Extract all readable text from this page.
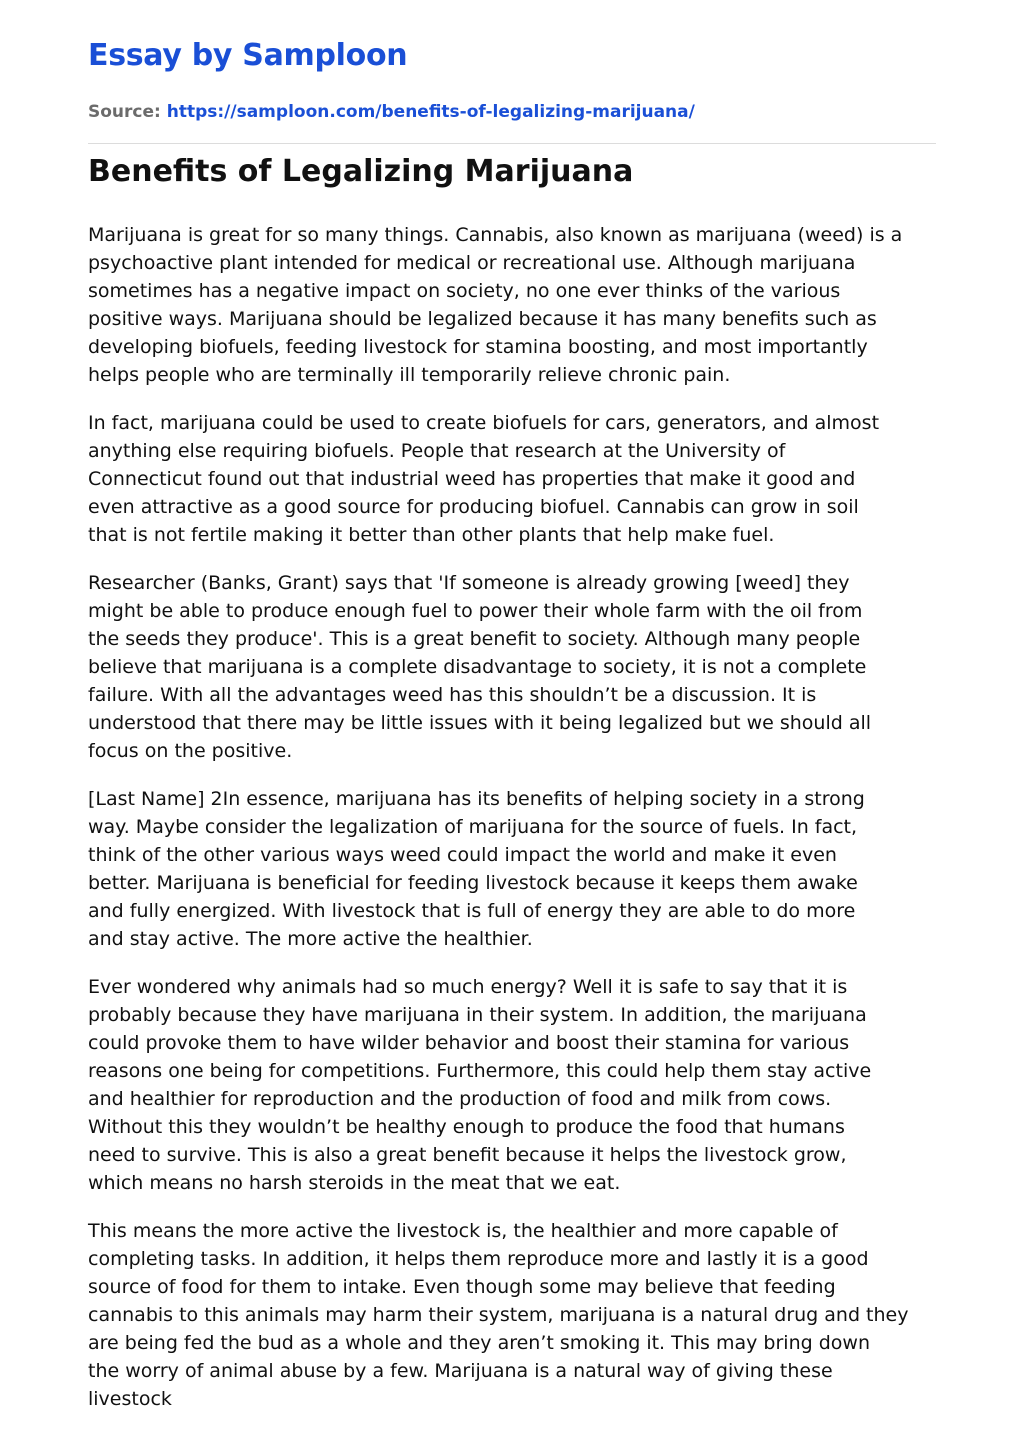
Essay by Samploon
Source: https://samploon.com/benefits-of-legalizing-marijuana/
Benefits of Legalizing Marijuana

Marijuana is great for so many things. Cannabis, also known as marijuana (weed) is a
psychoactive plant intended for medical or recreational use. Although marijuana
sometimes has a negative impact on society, no one ever thinks of the various
positive ways. Marijuana should be legalized because it has many benefits such as
developing biofuels, feeding livestock for stamina boosting, and most importantly
helps people who are terminally ill temporarily relieve chronic pain.

In fact, marijuana could be used to create biofuels for cars, generators, and almost
anything else requiring biofuels. People that research at the University of
Connecticut found out that industrial weed has properties that make it good and
even attractive as a good source for producing biofuel. Cannabis can grow in soil
that is not fertile making it better than other plants that help make fuel.

Researcher (Banks, Grant) says that 'If someone is already growing [weed] they
might be able to produce enough fuel to power their whole farm with the oil from
the seeds they produce'. This is a great benefit to society. Although many people
believe that marijuana is a complete disadvantage to society, it is not a complete
failure. With all the advantages weed has this shouldn’t be a discussion. It is
understood that there may be little issues with it being legalized but we should all
focus on the positive.

[Last Name] 2In essence, marijuana has its benefits of helping society in a strong
way. Maybe consider the legalization of marijuana for the source of fuels. In fact,
think of the other various ways weed could impact the world and make it even
better. Marijuana is beneficial for feeding livestock because it keeps them awake
and fully energized. With livestock that is full of energy they are able to do more
and stay active. The more active the healthier.

Ever wondered why animals had so much energy? Well it is safe to say that it is
probably because they have marijuana in their system. In addition, the marijuana
could provoke them to have wilder behavior and boost their stamina for various
reasons one being for competitions. Furthermore, this could help them stay active
and healthier for reproduction and the production of food and milk from cows.
Without this they wouldn’t be healthy enough to produce the food that humans
need to survive. This is also a great benefit because it helps the livestock grow,
which means no harsh steroids in the meat that we eat.

This means the more active the livestock is, the healthier and more capable of
completing tasks. In addition, it helps them reproduce more and lastly it is a good
source of food for them to intake. Even though some may believe that feeding
cannabis to this animals may harm their system, marijuana is a natural drug and they
are being fed the bud as a whole and they aren’t smoking it. This may bring down
the worry of animal abuse by a few. Marijuana is a natural way of giving these
livestock
